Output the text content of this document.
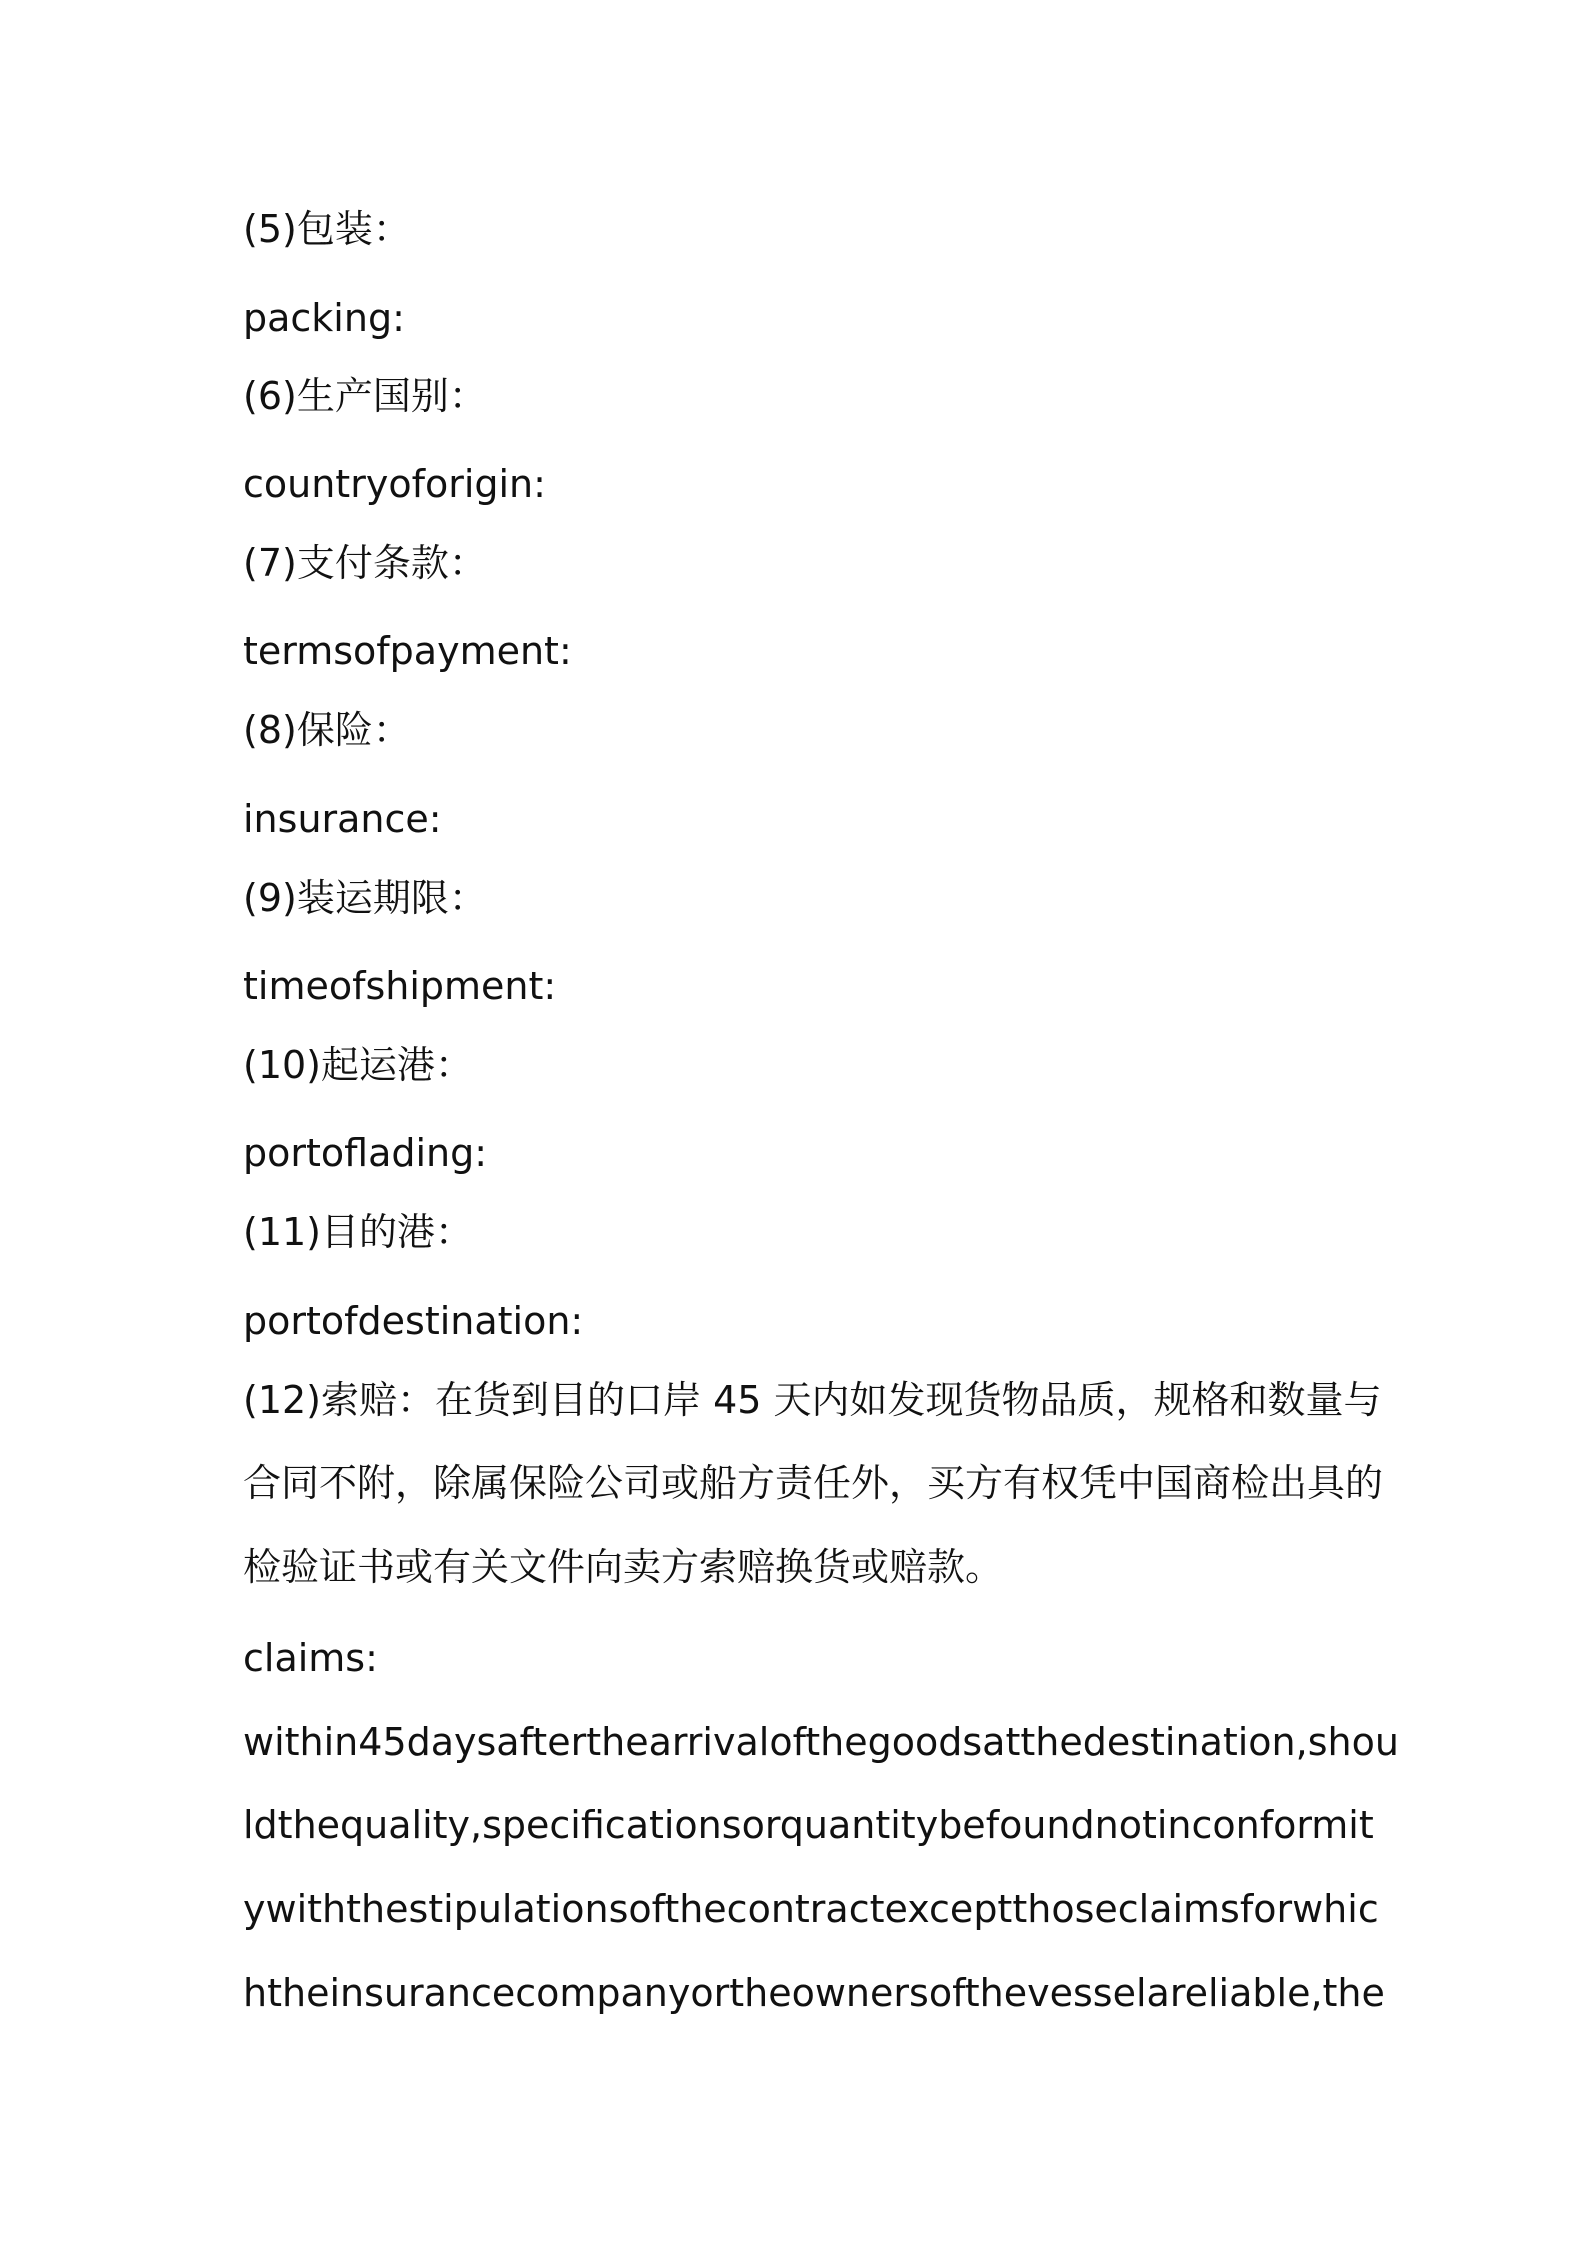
(5)包装：

packing:

(6)生产国别：

countryoforigin:

(7)支付条款：

termsofpayment:

(8)保险：

insurance:

(9)装运期限：

timeofshipment:

(10)起运港：

portoflading:

(11)目的港：

portofdestination:

(12)索赔：在货到目的口岸 45 天内如发现货物品质，规格和数量与

合同不附，除属保险公司或船方责任外，买方有权凭中国商检出具的

检验证书或有关文件向卖方索赔换货或赔款。

claims:

within45daysafterthearrivalofthegoodsatthedestination,shou

ldthequality,specificationsorquantitybefoundnotinconformit

ywiththestipulationsofthecontractexceptthoseclaimsforwhic

htheinsurancecompanyortheownersofthevesselareliable,the
